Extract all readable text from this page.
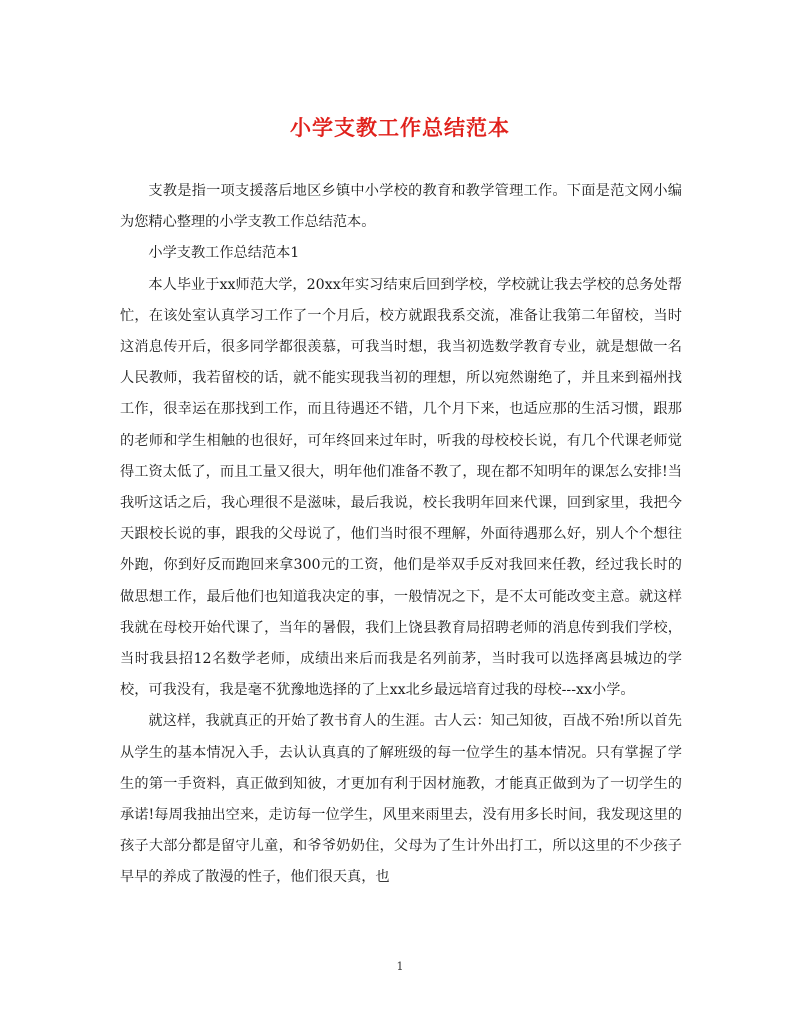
小学支教工作总结范本

支教是指一项支援落后地区乡镇中小学校的教育和教学管理工作。下面是范文网小编为您精心整理的小学支教工作总结范本。

小学支教工作总结范本1

本人毕业于xx师范大学，20xx年实习结束后回到学校，学校就让我去学校的总务处帮忙，在该处室认真学习工作了一个月后，校方就跟我系交流，准备让我第二年留校，当时这消息传开后，很多同学都很羡慕，可我当时想，我当初选数学教育专业，就是想做一名人民教师，我若留校的话，就不能实现我当初的理想，所以宛然谢绝了，并且来到福州找工作，很幸运在那找到工作，而且待遇还不错，几个月下来，也适应那的生活习惯，跟那的老师和学生相触的也很好，可年终回来过年时，听我的母校校长说，有几个代课老师觉得工资太低了，而且工量又很大，明年他们准备不教了，现在都不知明年的课怎么安排!当我听这话之后，我心理很不是滋味，最后我说，校长我明年回来代课，回到家里，我把今天跟校长说的事，跟我的父母说了，他们当时很不理解，外面待遇那么好，别人个个想往外跑，你到好反而跑回来拿300元的工资，他们是举双手反对我回来任教，经过我长时的做思想工作，最后他们也知道我决定的事，一般情况之下，是不太可能改变主意。就这样我就在母校开始代课了，当年的暑假，我们上饶县教育局招聘老师的消息传到我们学校，当时我县招12名数学老师，成绩出来后而我是名列前茅，当时我可以选择离县城边的学校，可我没有，我是毫不犹豫地选择的了上xx北乡最远培育过我的母校---xx小学。

就这样，我就真正的开始了教书育人的生涯。古人云：知己知彼，百战不殆!所以首先从学生的基本情况入手，去认认真真的了解班级的每一位学生的基本情况。只有掌握了学生的第一手资料，真正做到知彼，才更加有利于因材施教，才能真正做到为了一切学生的承诺!每周我抽出空来，走访每一位学生，风里来雨里去，没有用多长时间，我发现这里的孩子大部分都是留守儿童，和爷爷奶奶住，父母为了生计外出打工，所以这里的不少孩子早早的养成了散漫的性子，他们很天真，也

1
